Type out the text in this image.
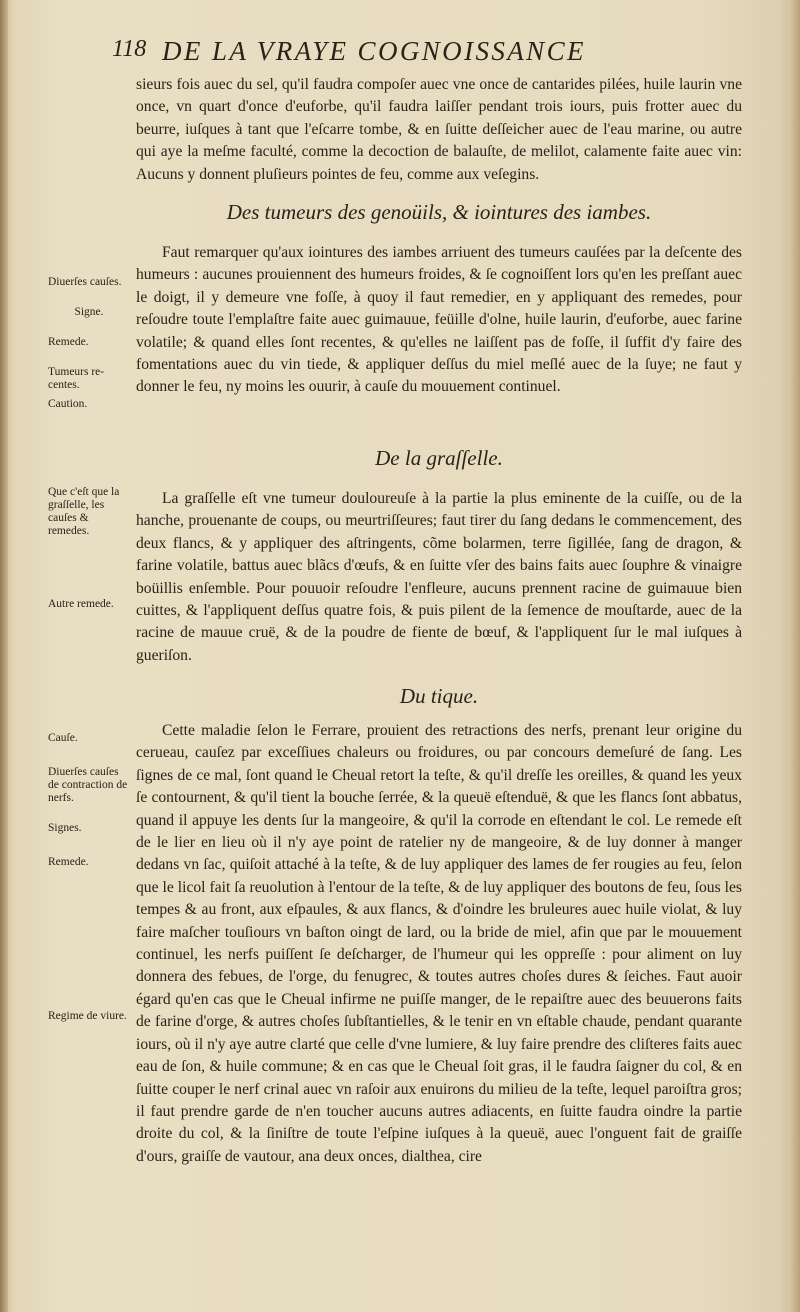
118 DE LA VRAYE COGNOISSANCE

sieurs fois auec du sel, qu'il faudra compoſer auec vne once de cantarides pilées, huile laurin vne once, vn quart d'once d'euforbe, qu'il faudra laiſſer pendant trois iours, puis frotter auec du beurre, iuſques à tant que l'eſcarre tombe, & en ſuitte deſſeicher auec de l'eau marine, ou autre qui aye la meſme faculté, comme la decoction de balauſte, de melilot, calamente faite auec vin: Aucuns y donnent pluſieurs pointes de feu, comme aux veſegins.

Des tumeurs des genoüils, & iointures des iambes.

Faut remarquer qu'aux iointures des iambes arriuent des tumeurs cauſées par la deſcente des humeurs : aucunes prouiennent des humeurs froides, & ſe cognoiſſent lors qu'en les preſſant auec le doigt, il y demeure vne foſſe, à quoy il faut remedier, en y appliquant des remedes, pour reſoudre toute l'emplaſtre faite auec guimauue, feüille d'olne, huile laurin, d'euforbe, auec farine volatile; & quand elles ſont recentes, & qu'elles ne laiſſent pas de foſſe, il ſuffit d'y faire des fomentations auec du vin tiede, & appliquer deſſus du miel meſlé auec de la ſuye; ne faut y donner le feu, ny moins les ouurir, à cauſe du mouuement continuel.

De la graſſelle.

La graſſelle eſt vne tumeur douloureuſe à la partie la plus eminente de la cuiſſe, ou de la hanche, prouenante de coups, ou meurtriſſeures; faut tirer du ſang dedans le commencement, des deux flancs, & y appliquer des aſtringents, cõme bolarmen, terre ſigillée, ſang de dragon, & farine volatile, battus auec blãcs d'œufs, & en ſuitte vſer des bains faits auec ſouphre & vinaigre boüillis enſemble. Pour pouuoir reſoudre l'enfleure, aucuns prennent racine de guimauue bien cuittes, & l'appliquent deſſus quatre fois, & puis pilent de la ſemence de mouſtarde, auec de la racine de mauue cruë, & de la poudre de fiente de bœuf, & l'appliquent ſur le mal iuſques à gueriſon.

Du tique.

Cette maladie ſelon le Ferrare, prouient des retractions des nerfs, prenant leur origine du cerueau, cauſez par exceſſiues chaleurs ou froidures, ou par concours demeſuré de ſang. Les ſignes de ce mal, ſont quand le Cheual retort la teſte, & qu'il dreſſe les oreilles, & quand les yeux ſe contournent, & qu'il tient la bouche ſerrée, & la queuë eſtenduë, & que les flancs ſont abbatus, quand il appuye les dents ſur la mangeoire, & qu'il la corrode en eſtendant le col. Le remede eſt de le lier en lieu où il n'y aye point de ratelier ny de mangeoire, & de luy donner à manger dedans vn ſac, quiſoit attaché à la teſte, & de luy appliquer des lames de fer rougies au feu, ſelon que le licol fait ſa reuolution à l'entour de la teſte, & de luy appliquer des boutons de feu, ſous les tempes & au front, aux eſpaules, & aux flancs, & d'oindre les bruleures auec huile violat, & luy faire maſcher touſiours vn baſton oingt de lard, ou la bride de miel, afin que par le mouuement continuel, les nerfs puiſſent ſe deſcharger, de l'humeur qui les oppreſſe : pour aliment on luy donnera des febues, de l'orge, du fenugrec, & toutes autres choſes dures & ſeiches. Faut auoir égard qu'en cas que le Cheual infirme ne puiſſe manger, de le repaiſtre auec des beuuerons faits de farine d'orge, & autres choſes ſubſtantielles, & le tenir en vn eſtable chaude, pendant quarante iours, où il n'y aye autre clarté que celle d'vne lumiere, & luy faire prendre des cliſteres faits auec eau de ſon, & huile commune; & en cas que le Cheual ſoit gras, il le faudra ſaigner du col, & en ſuitte couper le nerf crinal auec vn raſoir aux enuirons du milieu de la teſte, lequel paroiſtra gros; il faut prendre garde de n'en toucher aucuns autres adiacents, en ſuitte faudra oindre la partie droite du col, & la ſiniſtre de toute l'eſpine iuſques à la queuë, auec l'onguent fait de graiſſe d'ours, graiſſe de vautour, ana deux onces, dialthea, cire

Diuerſes cauſes.
Signe.
Remede.
Tumeurs recentes.
Caution.
Que c'eſt que la graſſelle, les cauſes & remedes.
Autre remede.
Cauſe.
Diuerſes cauſes de contraction de nerfs.
Signes.
Remede.
Regime de viure.
